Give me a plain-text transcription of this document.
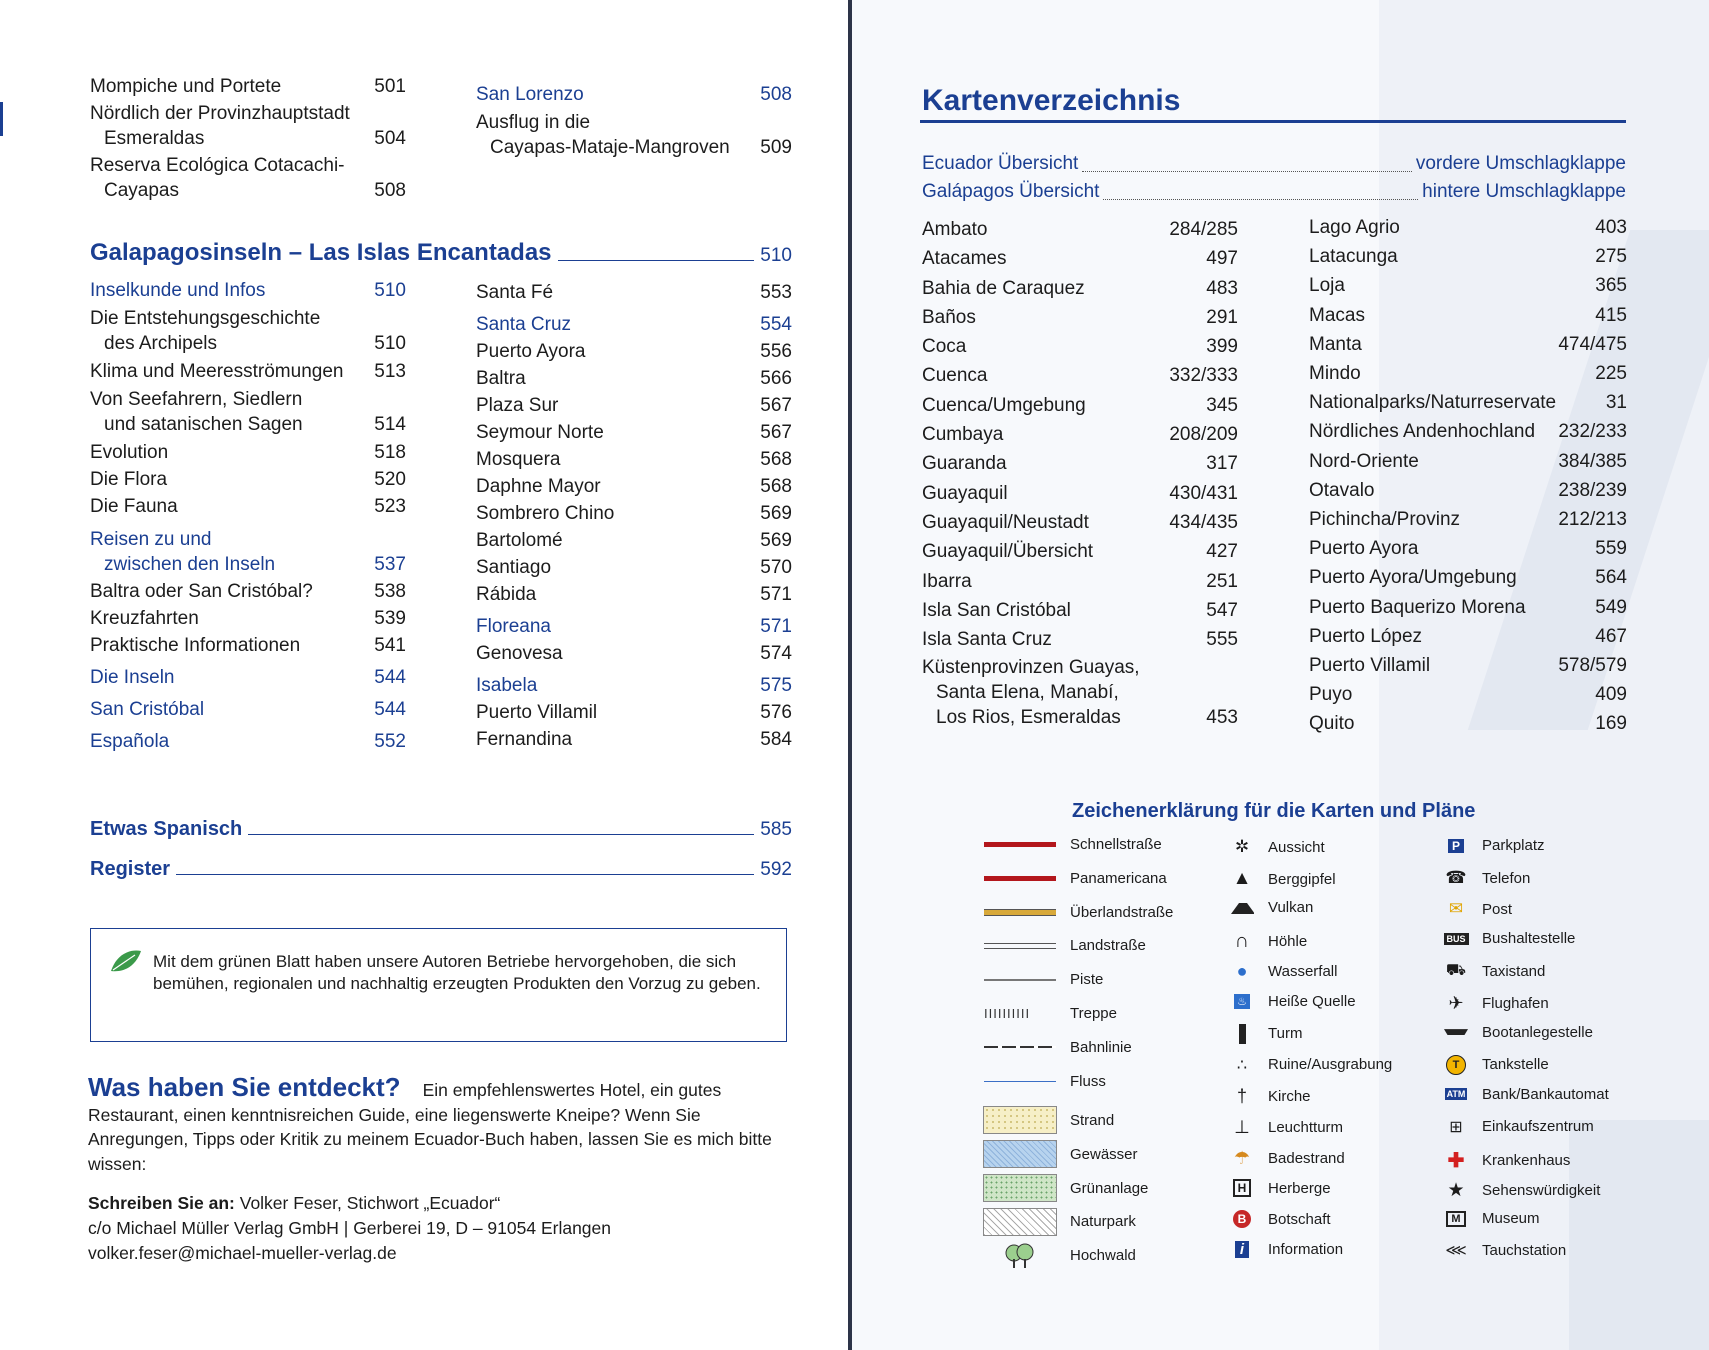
Mompiche und Portete	501
Nördlich der Provinzhauptstadt
Esmeraldas	504
Reserva Ecológica Cotacachi-
Cayapas	508
San Lorenzo	508
Ausflug in die
Cayapas-Mataje-Mangroven 509
Galapagosinseln – Las Islas Encantadas	510
Inselkunde und Infos	510
Die Entstehungsgeschichte
des Archipels	510
Klima und Meeresströmungen 513
Von Seefahrern, Siedlern
und satanischen Sagen	514
Evolution	518
Die Flora	520
Die Fauna	523
Reisen zu und
zwischen den Inseln	537
Baltra oder San Cristóbal?	538
Kreuzfahrten	539
Praktische Informationen	541
Die Inseln	544
San Cristóbal	544
Española	552
Santa Fé	553
Santa Cruz	554
Puerto Ayora	556
Baltra	566
Plaza Sur	567
Seymour Norte	567
Mosquera	568
Daphne Mayor	568
Sombrero Chino	569
Bartolomé	569
Santiago	570
Rábida	571
Floreana	571
Genovesa	574
Isabela	575
Puerto Villamil	576
Fernandina	584
Etwas Spanisch	585
Register	592
Mit dem grünen Blatt haben unsere Autoren Betriebe hervorgehoben, die sich bemühen, regionalen und nachhaltig erzeugten Produkten den Vorzug zu geben.
Was haben Sie entdeckt? Ein empfehlenswertes Hotel, ein gutes Restaurant, einen kenntnisreichen Guide, eine liegenswerte Kneipe? Wenn Sie Anregungen, Tipps oder Kritik zu meinem Ecuador-Buch haben, lassen Sie es mich bitte wissen:
Schreiben Sie an: Volker Feser, Stichwort „Ecuador“
c/o Michael Müller Verlag GmbH | Gerberei 19, D – 91054 Erlangen
volker.feser@michael-mueller-verlag.de
Kartenverzeichnis
Ecuador Übersicht	vordere Umschlagklappe
Galápagos Übersicht	hintere Umschlagklappe
Ambato	284/285
Atacames	497
Bahia de Caraquez	483
Baños	291
Coca	399
Cuenca	332/333
Cuenca/Umgebung	345
Cumbaya	208/209
Guaranda	317
Guayaquil	430/431
Guayaquil/Neustadt	434/435
Guayaquil/Übersicht	427
Ibarra	251
Isla San Cristóbal	547
Isla Santa Cruz	555
Küstenprovinzen Guayas,
Santa Elena, Manabí,
Los Rios, Esmeraldas	453
Lago Agrio	403
Latacunga	275
Loja	365
Macas	415
Manta	474/475
Mindo	225
Nationalparks/Naturreservate	31
Nördliches Andenhochland 232/233
Nord-Oriente	384/385
Otavalo	238/239
Pichincha/Provinz	212/213
Puerto Ayora	559
Puerto Ayora/Umgebung	564
Puerto Baquerizo Morena	549
Puerto López	467
Puerto Villamil	578/579
Puyo	409
Quito	169
Zeichenerklärung für die Karten und Pläne
Schnellstraße
Panamericana
Überlandstraße
Landstraße
Piste
IIIIIIIIII	Treppe
Bahnlinie
Fluss
Strand
Gewässer
Grünanlage
Naturpark
Hochwald
✲ Aussicht
▲ Berggipfel
Vulkan
∩ Höhle
● Wasserfall
♨ Heiße Quelle
Turm
∴ Ruine/Ausgrabung
† Kirche
⊥ Leuchtturm
☂ Badestrand
H	Herberge
B	Botschaft
i	Information
P Parkplatz
☎ Telefon
✉ Post
BUS Bushaltestelle
⛟ Taxistand
✈ Flughafen
Bootanlegestelle
T	Tankstelle
ATM Bank/Bankautomat
⊞ Einkaufszentrum
✚ Krankenhaus
★ Sehenswürdigkeit
M	Museum
⋘ Tauchstation
